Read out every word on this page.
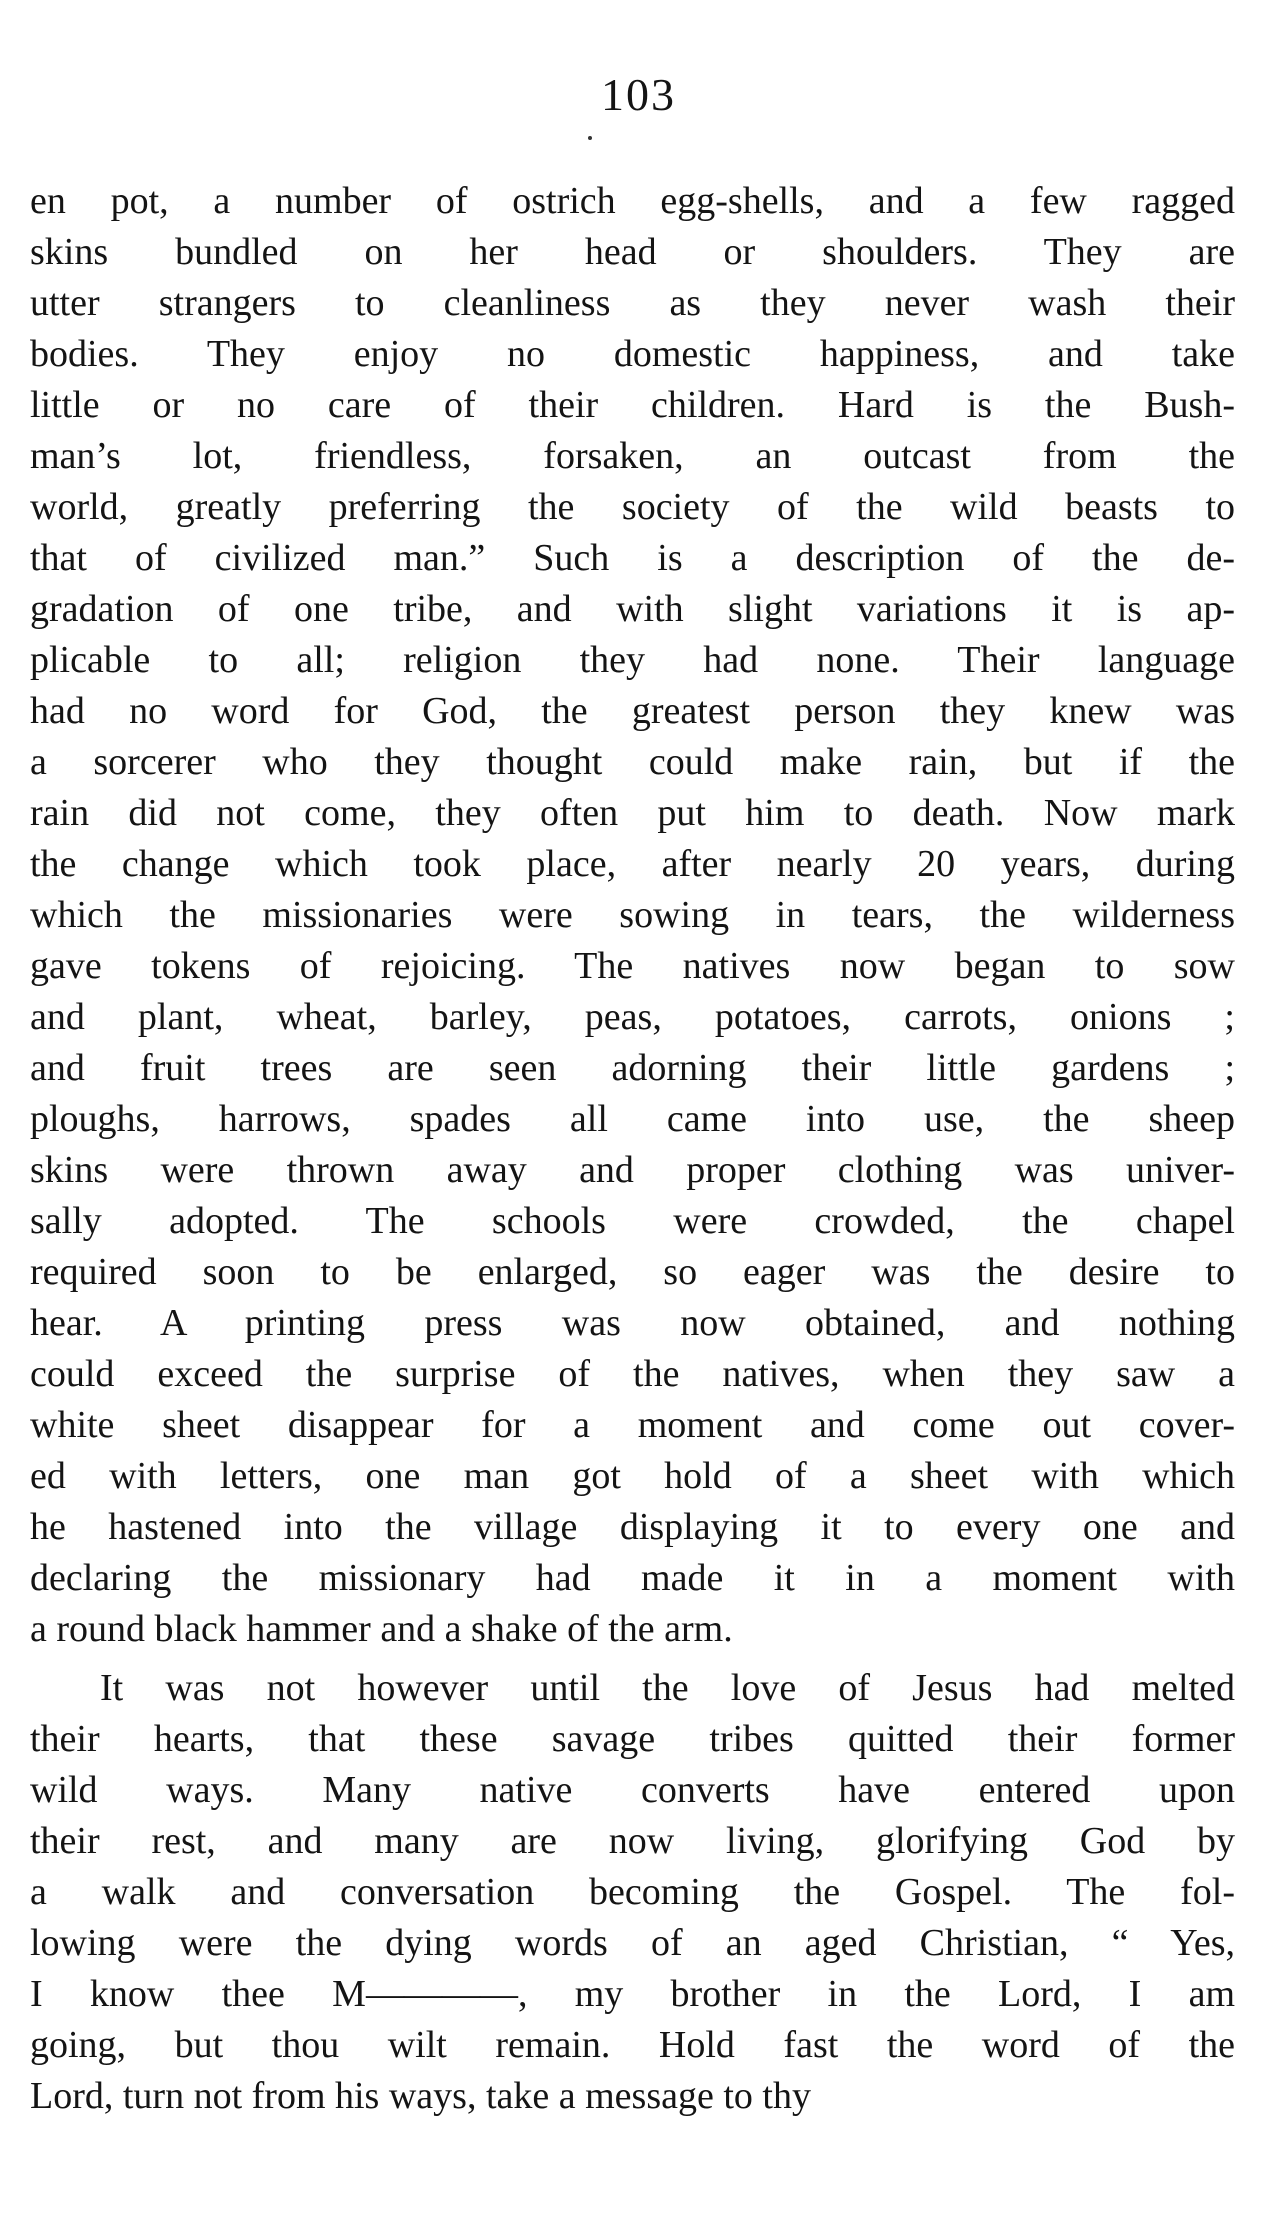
103
en pot, a number of ostrich egg-shells, and a few ragged
skins bundled on her head or shoulders. They are
utter strangers to cleanliness as they never wash their
bodies. They enjoy no domestic happiness, and take
little or no care of their children. Hard is the Bush-
man’s lot, friendless, forsaken, an outcast from the
world, greatly preferring the society of the wild beasts to
that of civilized man.” Such is a description of the de-
gradation of one tribe, and with slight variations it is ap-
plicable to all; religion they had none. Their language
had no word for God, the greatest person they knew was
a sorcerer who they thought could make rain, but if the
rain did not come, they often put him to death. Now mark
the change which took place, after nearly 20 years, during
which the missionaries were sowing in tears, the wilderness
gave tokens of rejoicing. The natives now began to sow
and plant, wheat, barley, peas, potatoes, carrots, onions ;
and fruit trees are seen adorning their little gardens ;
ploughs, harrows, spades all came into use, the sheep
skins were thrown away and proper clothing was univer-
sally adopted. The schools were crowded, the chapel
required soon to be enlarged, so eager was the desire to
hear. A printing press was now obtained, and nothing
could exceed the surprise of the natives, when they saw a
white sheet disappear for a moment and come out cover-
ed with letters, one man got hold of a sheet with which
he hastened into the village displaying it to every one and
declaring the missionary had made it in a moment with
a round black hammer and a shake of the arm.
It was not however until the love of Jesus had melted
their hearts, that these savage tribes quitted their former
wild ways. Many native converts have entered upon
their rest, and many are now living, glorifying God by
a walk and conversation becoming the Gospel. The fol-
lowing were the dying words of an aged Christian, “ Yes,
I know thee M————, my brother in the Lord, I am
going, but thou wilt remain. Hold fast the word of the
Lord, turn not from his ways, take a message to thy
